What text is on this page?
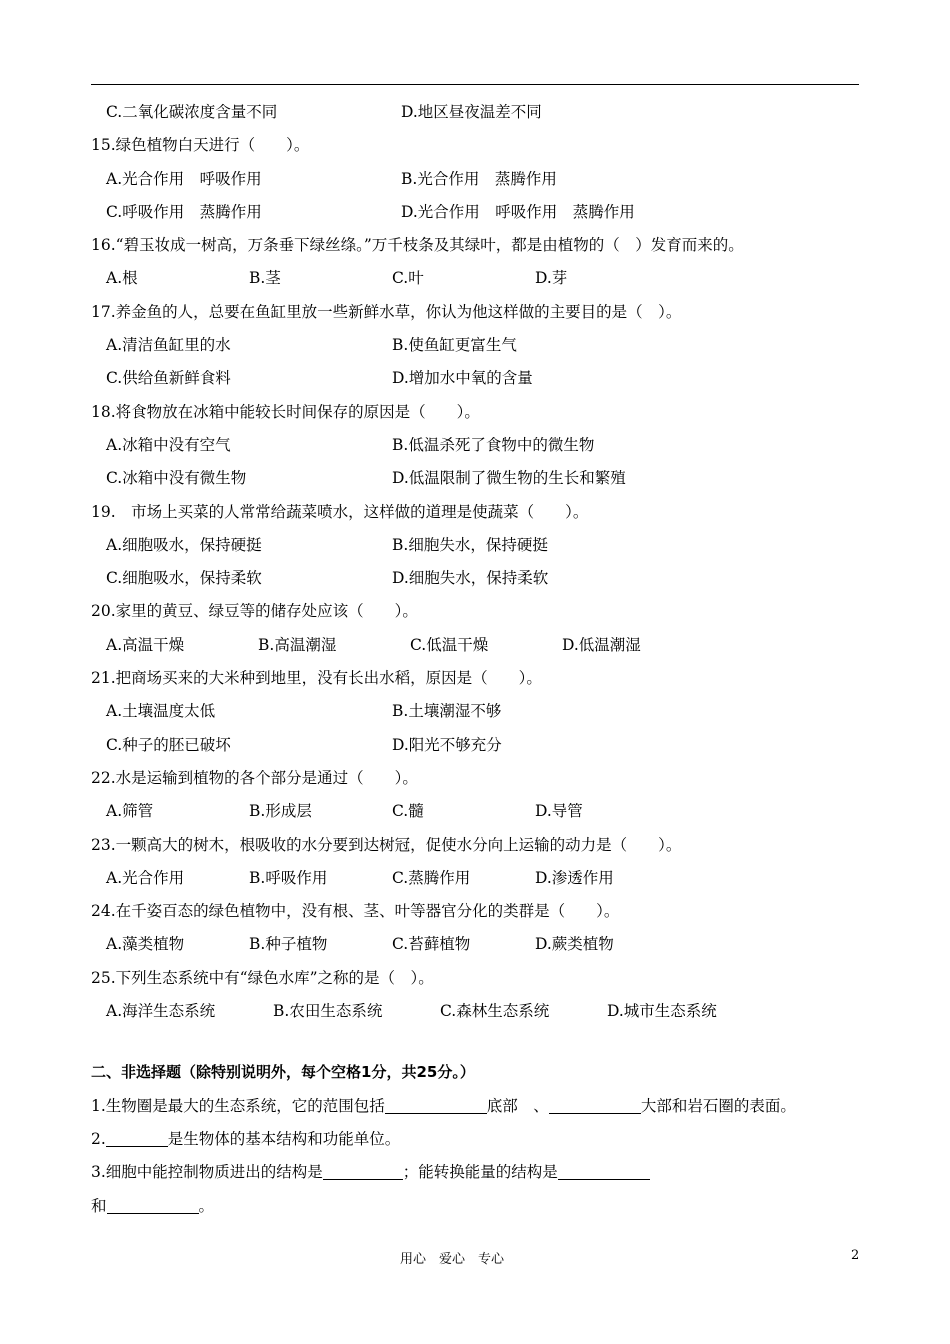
C.二氧化碳浓度含量不同	D.地区昼夜温差不同
15.绿色植物白天进行（　　）。
A.光合作用　呼吸作用	B.光合作用　蒸腾作用
C.呼吸作用　蒸腾作用	D.光合作用　呼吸作用　蒸腾作用
16.“碧玉妆成一树高，万条垂下绿丝绦。”万千枝条及其绿叶，都是由植物的（　）发育而来的。
A.根	B.茎	C.叶	D.芽
17.养金鱼的人，总要在鱼缸里放一些新鲜水草，你认为他这样做的主要目的是（　）。
A.清洁鱼缸里的水	B.使鱼缸更富生气
C.供给鱼新鲜食料	D.增加水中氧的含量
18.将食物放在冰箱中能较长时间保存的原因是（　　）。
A.冰箱中没有空气	B.低温杀死了食物中的微生物
C.冰箱中没有微生物	D.低温限制了微生物的生长和繁殖
19.　市场上买菜的人常常给蔬菜喷水，这样做的道理是使蔬菜（　　）。
A.细胞吸水，保持硬挺	B.细胞失水，保持硬挺
C.细胞吸水，保持柔软	D.细胞失水，保持柔软
20.家里的黄豆、绿豆等的储存处应该（　　）。
A.高温干燥	B.高温潮湿	C.低温干燥	D.低温潮湿
21.把商场买来的大米种到地里，没有长出水稻，原因是（　　）。
A.土壤温度太低	B.土壤潮湿不够
C.种子的胚已破坏	D.阳光不够充分
22.水是运输到植物的各个部分是通过（　　）。
A.筛管	B.形成层	C.髓	D.导管
23.一颗高大的树木，根吸收的水分要到达树冠，促使水分向上运输的动力是（　　）。
A.光合作用	B.呼吸作用	C.蒸腾作用	D.渗透作用
24.在千姿百态的绿色植物中，没有根、茎、叶等器官分化的类群是（　　）。
A.藻类植物	B.种子植物	C.苔藓植物	D.蕨类植物
25.下列生态系统中有“绿色水库”之称的是（　）。
A.海洋生态系统	B.农田生态系统	C.森林生态系统	D.城市生态系统
二、非选择题（除特别说明外，每个空格1分，共25分。）
1.生物圈是最大的生态系统，它的范围包括	底部　、	大部和岩石圈的表面。
2.	是生物体的基本结构和功能单位。
3.细胞中能控制物质进出的结构是	；能转换能量的结构是
和	。
用心　爱心　专心	2
